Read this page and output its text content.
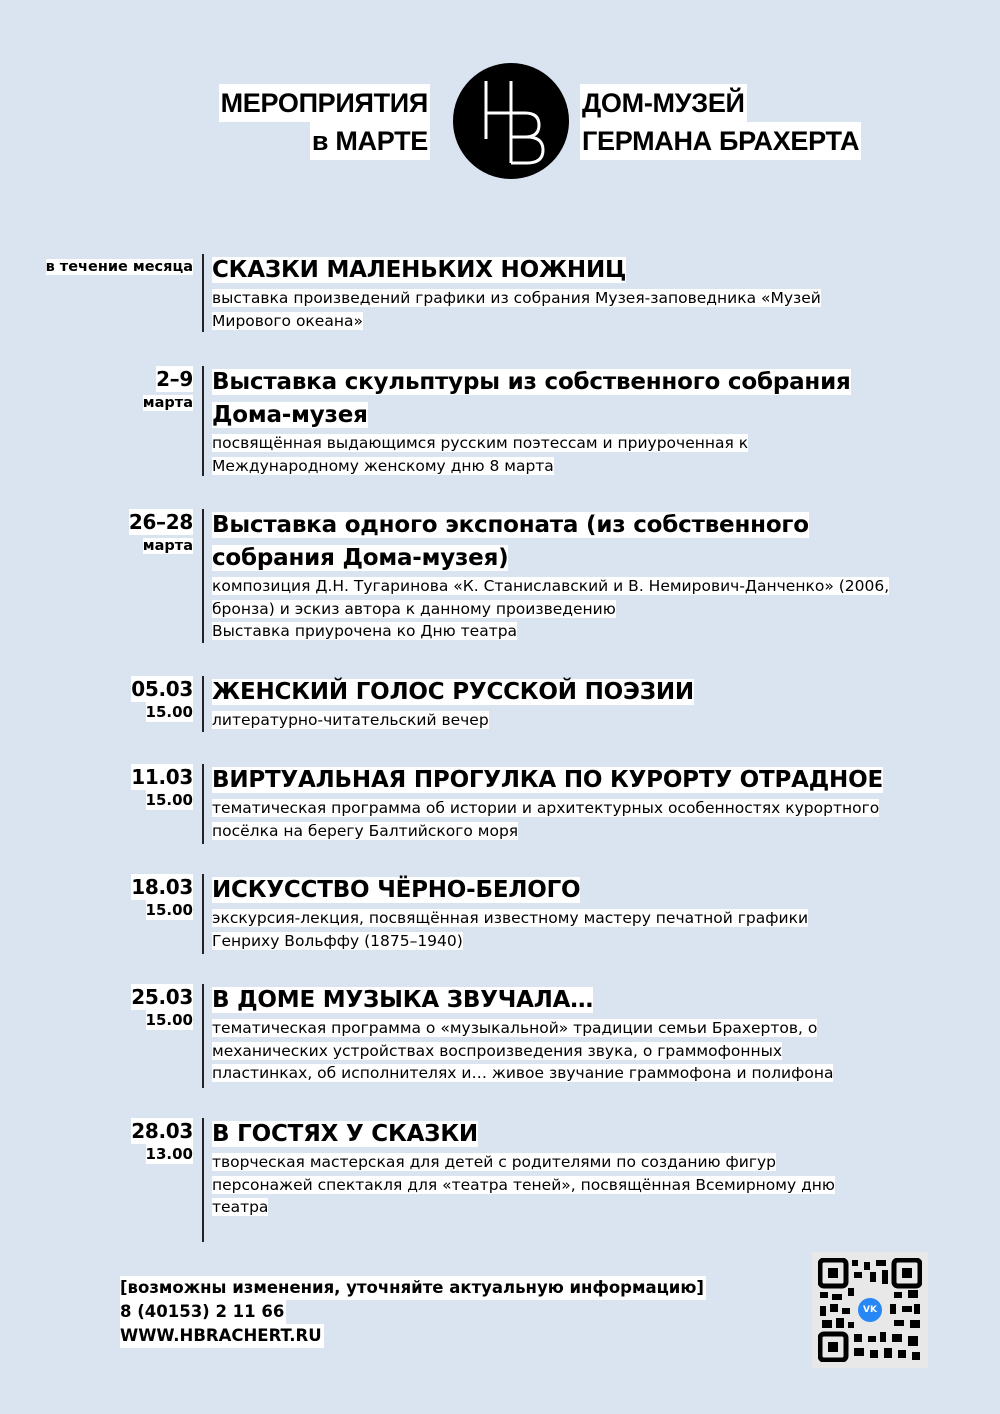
МЕРОПРИЯТИЯ
в МАРТЕ
ДОМ-МУЗЕЙ
ГЕРМАНА БРАХЕРТА
в течение месяца СКАЗКИ МАЛЕНЬКИХ НОЖНИЦ
выставка произведений графики из собрания Музея-заповедника «Музей
Мирового океана»
2–9
марта
Выставка скульптуры из собственного собрания
Дома-музея
посвящённая выдающимся русским поэтессам и приуроченная к
Международному женскому дню 8 марта
26–28
марта
Выставка одного экспоната (из собственного
собрания Дома-музея)
композиция Д.Н. Тугаринова «К. Станиславский и В. Немирович-Данченко» (2006,
бронза) и эскиз автора к данному произведению
Выставка приурочена ко Дню театра
05.03
15.00
ЖЕНСКИЙ ГОЛОС РУССКОЙ ПОЭЗИИ
литературно-читательский вечер
11.03
15.00
ВИРТУАЛЬНАЯ ПРОГУЛКА ПО КУРОРТУ ОТРАДНОЕ
тематическая программа об истории и архитектурных особенностях курортного
посёлка на берегу Балтийского моря
18.03
15.00
ИСКУССТВО ЧЁРНО-БЕЛОГО
экскурсия-лекция, посвящённая известному мастеру печатной графики
Генриху Вольффу (1875–1940)
25.03
15.00
В ДОМЕ МУЗЫКА ЗВУЧАЛА…
тематическая программа о «музыкальной» традиции семьи Брахертов, о
механических устройствах воспроизведения звука, о граммофонных
пластинках, об исполнителях и… живое звучание граммофона и полифона
28.03
13.00
В ГОСТЯХ У СКАЗКИ
творческая мастерская для детей с родителями по созданию фигур
персонажей спектакля для «театра теней», посвящённая Всемирному дню
театра
[возможны изменения, уточняйте актуальную информацию]
8 (40153) 2 11 66
WWW.HBRACHERT.RU
VK
